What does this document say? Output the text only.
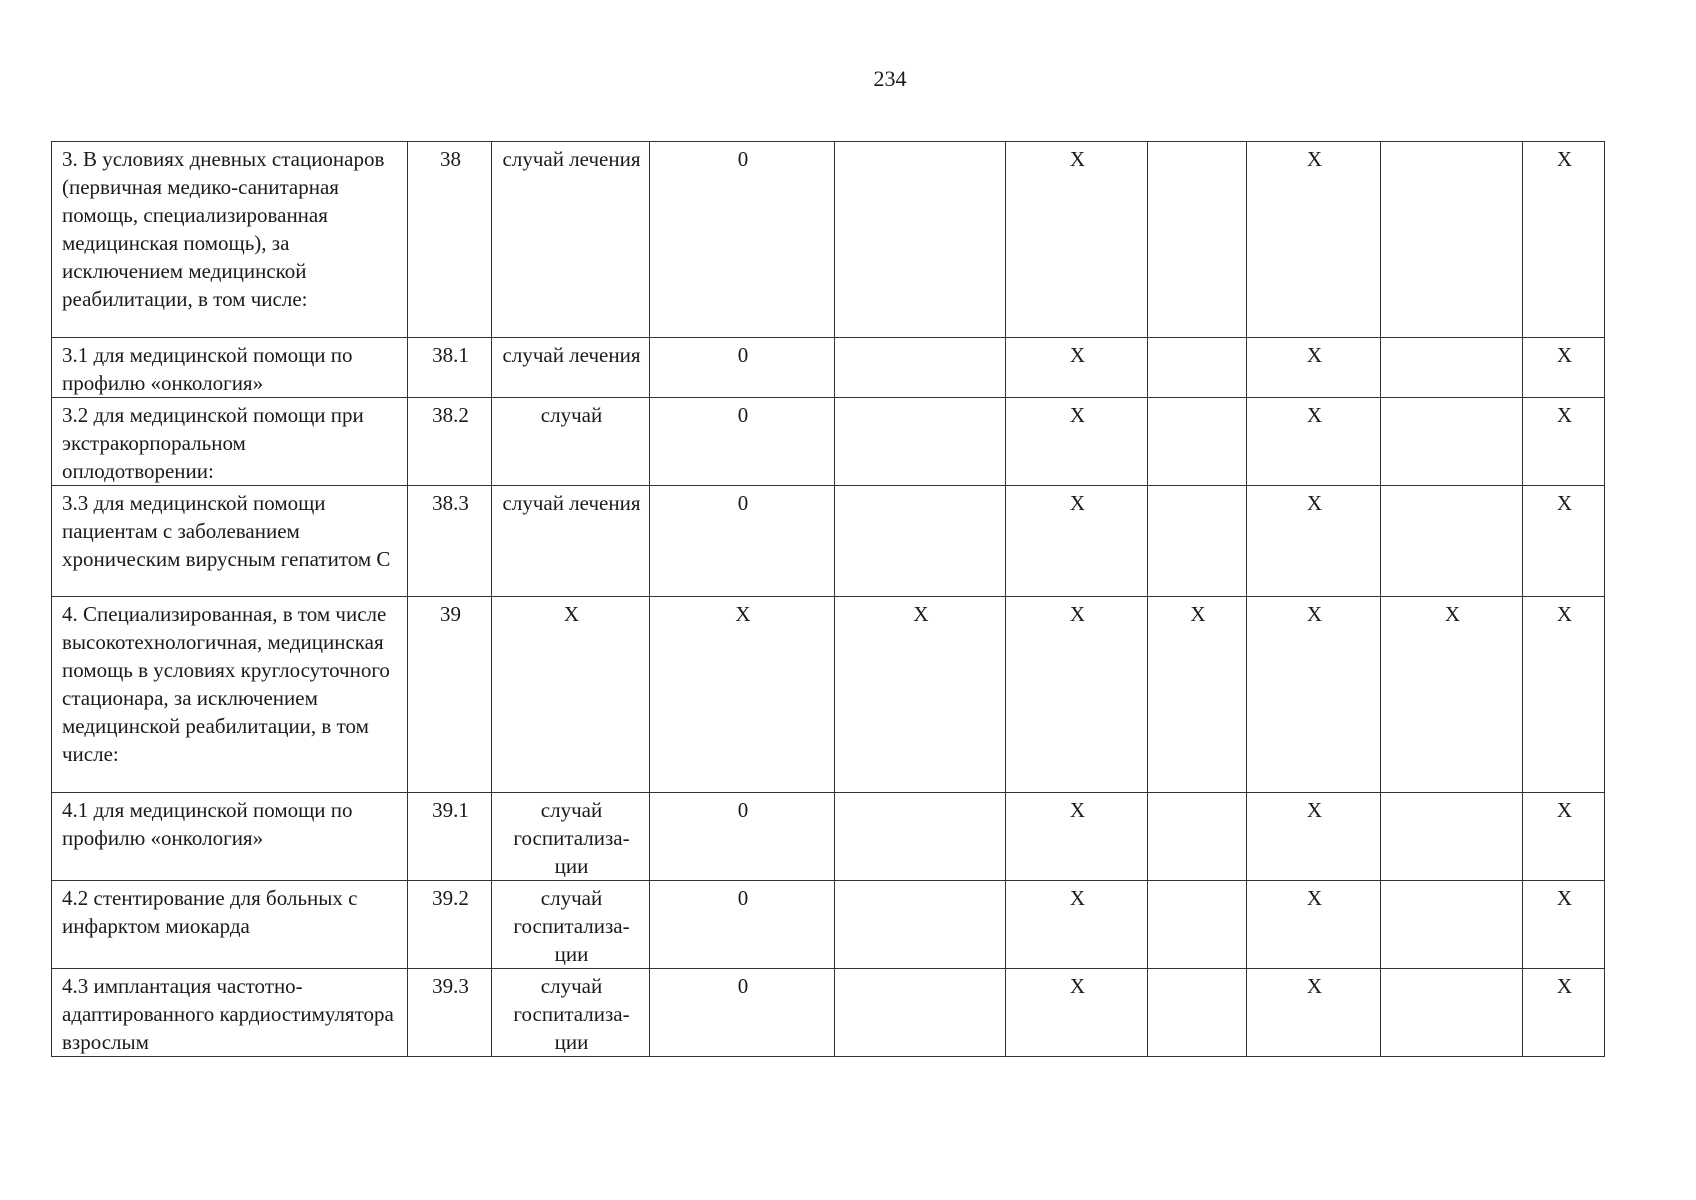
234
3. В условиях дневных стационаров (первичная медико-санитарная помощь, специализированная медицинская помощь), за исключением медицинской реабилитации, в том числе:	38	случай лечения	0		X		X		X
3.1 для медицинской помощи по профилю «онкология»	38.1	случай лечения	0		X		X		X
3.2 для медицинской помощи при экстракорпоральном оплодотворении:	38.2	случай	0		X		X		X
3.3 для медицинской помощи пациентам с заболеванием хроническим вирусным гепатитом С	38.3	случай лечения	0		X		X		X
4. Специализированная, в том числе высокотехнологичная, медицинская помощь в условиях круглосуточного стационара, за исключением медицинской реабилитации, в том числе:	39	X	X	X	X	X	X	X	X
4.1 для медицинской помощи по профилю «онкология»	39.1	случай госпитализа-ции	0		X		X		X
4.2 стентирование для больных с инфарктом миокарда	39.2	случай госпитализа-ции	0		X		X		X
4.3 имплантация частотно-адаптированного кардиостимулятора взрослым	39.3	случай госпитализа-ции	0		X		X		X
